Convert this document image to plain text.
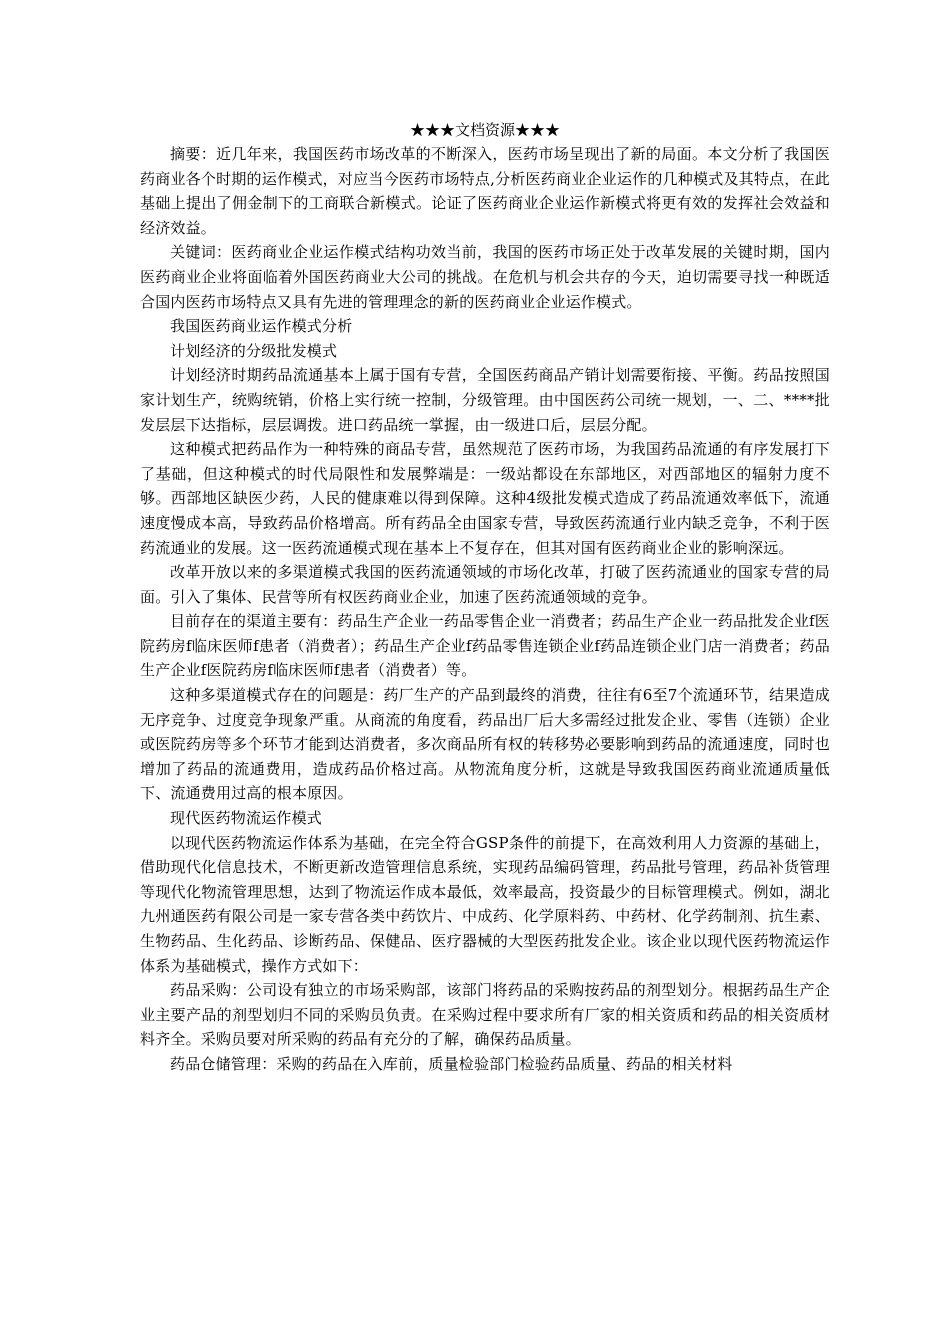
★★★文档资源★★★

摘要：近几年来，我国医药市场改革的不断深入，医药市场呈现出了新的局面。本文分析了我国医药商业各个时期的运作模式，对应当今医药市场特点,分析医药商业企业运作的几种模式及其特点，在此基础上提出了佣金制下的工商联合新模式。论证了医药商业企业运作新模式将更有效的发挥社会效益和经济效益。

关键词：医药商业企业运作模式结构功效当前，我国的医药市场正处于改革发展的关键时期，国内医药商业企业将面临着外国医药商业大公司的挑战。在危机与机会共存的今天，迫切需要寻找一种既适合国内医药市场特点又具有先进的管理理念的新的医药商业企业运作模式。

我国医药商业运作模式分析

计划经济的分级批发模式

计划经济时期药品流通基本上属于国有专营，全国医药商品产销计划需要衔接、平衡。药品按照国家计划生产，统购统销，价格上实行统一控制，分级管理。由中国医药公司统一规划，一、二、****批发层层下达指标，层层调拨。进口药品统一掌握，由一级进口后，层层分配。

这种模式把药品作为一种特殊的商品专营，虽然规范了医药市场，为我国药品流通的有序发展打下了基础，但这种模式的时代局限性和发展弊端是：一级站都设在东部地区，对西部地区的辐射力度不够。西部地区缺医少药，人民的健康难以得到保障。这种4级批发模式造成了药品流通效率低下，流通速度慢成本高，导致药品价格增高。所有药品全由国家专营，导致医药流通行业内缺乏竞争，不利于医药流通业的发展。这一医药流通模式现在基本上不复存在，但其对国有医药商业企业的影响深远。

改革开放以来的多渠道模式我国的医药流通领域的市场化改革，打破了医药流通业的国家专营的局面。引入了集体、民营等所有权医药商业企业，加速了医药流通领域的竞争。

目前存在的渠道主要有：药品生产企业一药品零售企业一消费者；药品生产企业一药品批发企业f医院药房f临床医师f患者（消费者）；药品生产企业f药品零售连锁企业f药品连锁企业门店一消费者；药品生产企业f医院药房f临床医师f患者（消费者）等。

这种多渠道模式存在的问题是：药厂生产的产品到最终的消费，往往有6至7个流通环节，结果造成无序竞争、过度竞争现象严重。从商流的角度看，药品出厂后大多需经过批发企业、零售（连锁）企业或医院药房等多个环节才能到达消费者，多次商品所有权的转移势必要影响到药品的流通速度，同时也增加了药品的流通费用，造成药品价格过高。从物流角度分析，这就是导致我国医药商业流通质量低下、流通费用过高的根本原因。

现代医药物流运作模式

以现代医药物流运作体系为基础，在完全符合GSP条件的前提下，在高效利用人力资源的基础上，借助现代化信息技术，不断更新改造管理信息系统，实现药品编码管理，药品批号管理，药品补货管理等现代化物流管理思想，达到了物流运作成本最低，效率最高，投资最少的目标管理模式。例如，湖北九州通医药有限公司是一家专营各类中药饮片、中成药、化学原料药、中药材、化学药制剂、抗生素、生物药品、生化药品、诊断药品、保健品、医疗器械的大型医药批发企业。该企业以现代医药物流运作体系为基础模式，操作方式如下：

药品采购：公司设有独立的市场采购部，该部门将药品的采购按药品的剂型划分。根据药品生产企业主要产品的剂型划归不同的采购员负责。在采购过程中要求所有厂家的相关资质和药品的相关资质材料齐全。采购员要对所采购的药品有充分的了解，确保药品质量。

药品仓储管理：采购的药品在入库前，质量检验部门检验药品质量、药品的相关材料
